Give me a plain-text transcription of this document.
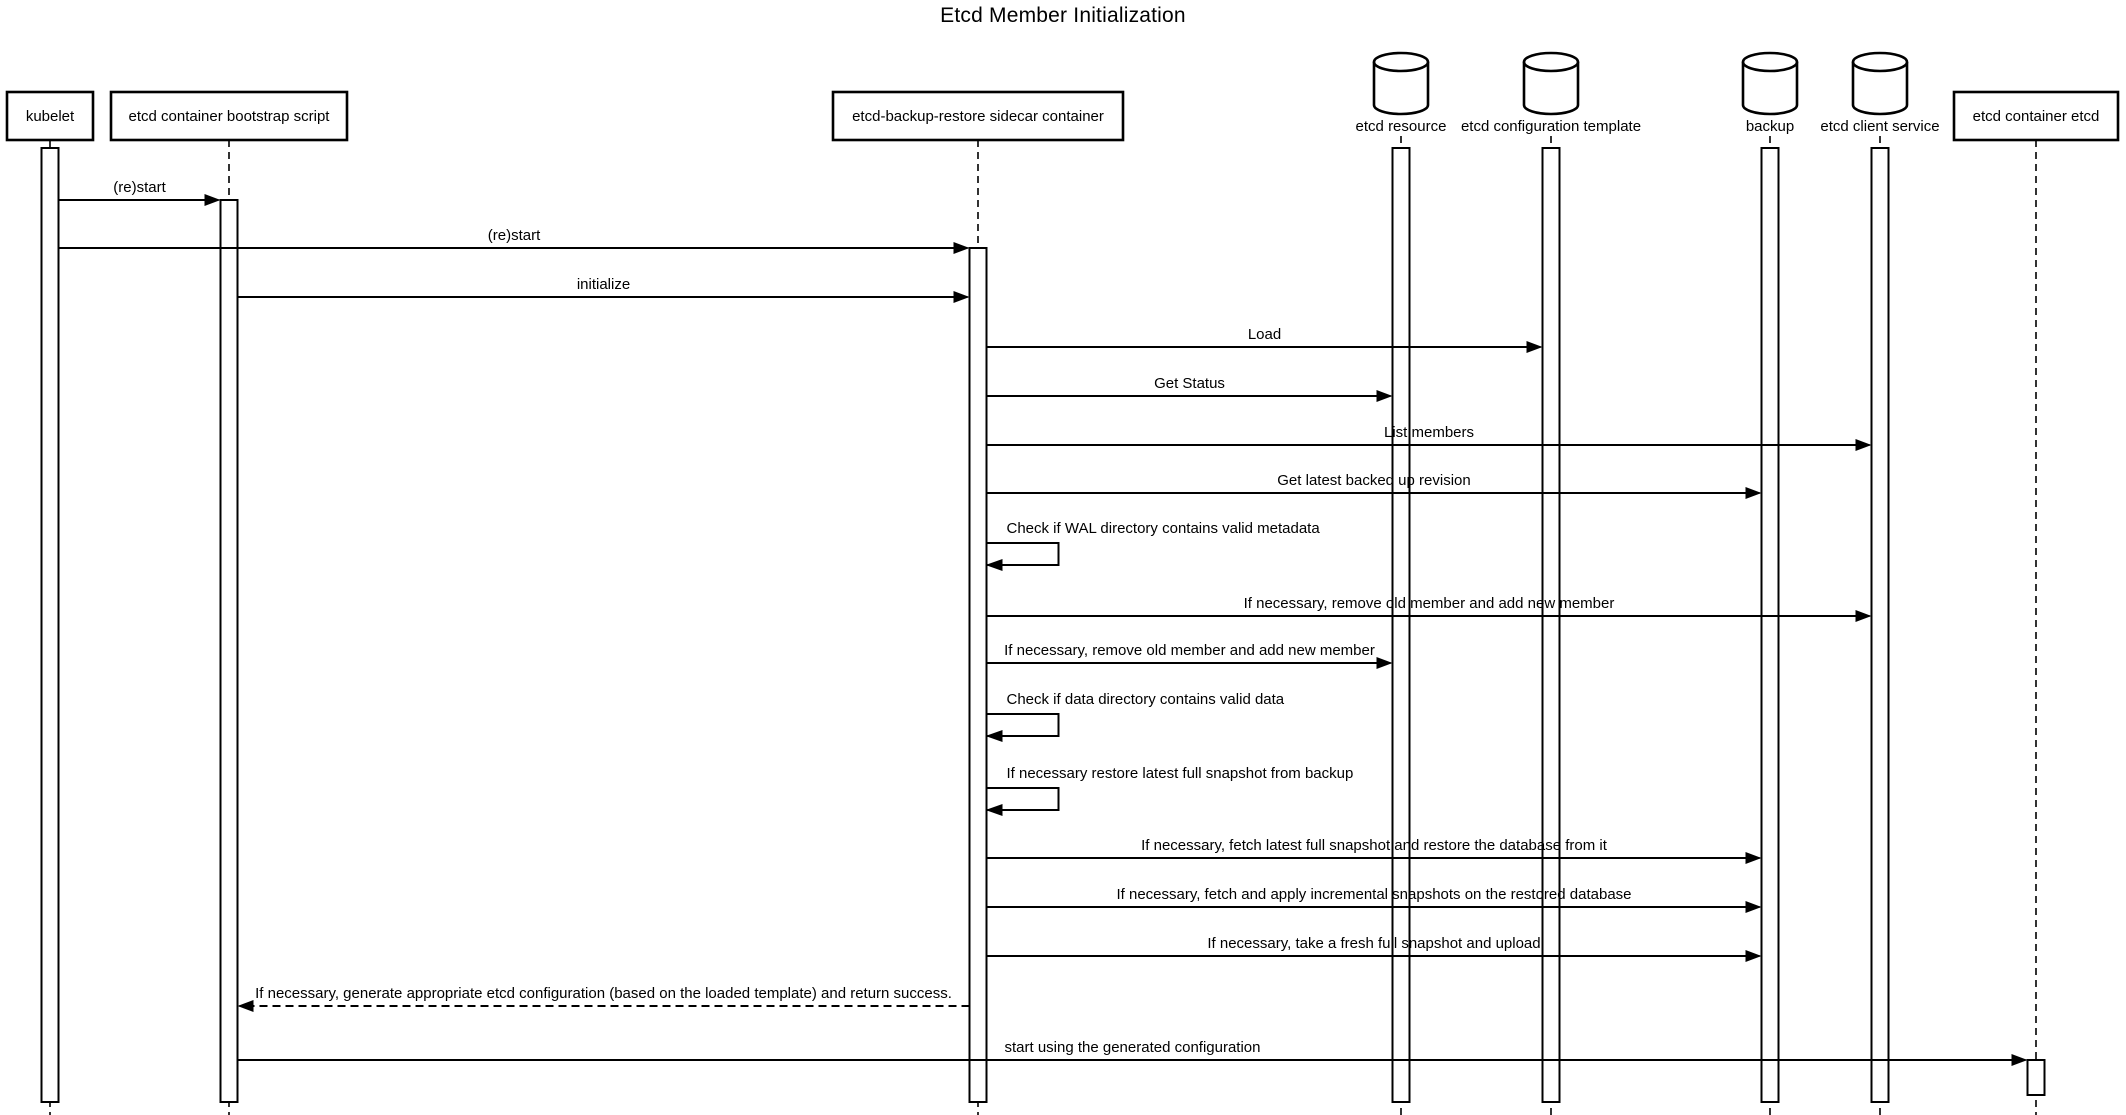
Etcd Member Initialization
kubelet	etcd container bootstrap script	etcd-backup-restore sidecar container
etcd resource etcd configuration template	backup etcd client service
etcd container etcd
(re)start
(re)start
initialize
Load
Get Status
List members
Get latest backed up revision
Check if WAL directory contains valid metadata
If necessary, remove old member and add new member
If necessary, remove old member and add new member
Check if data directory contains valid data
If necessary restore latest full snapshot from backup
If necessary, fetch latest full snapshot and restore the database from it
If necessary, fetch and apply incremental snapshots on the restored database
If necessary, take a fresh full snapshot and upload
If necessary, generate appropriate etcd configuration (based on the loaded template) and return success.
start using the generated configuration
